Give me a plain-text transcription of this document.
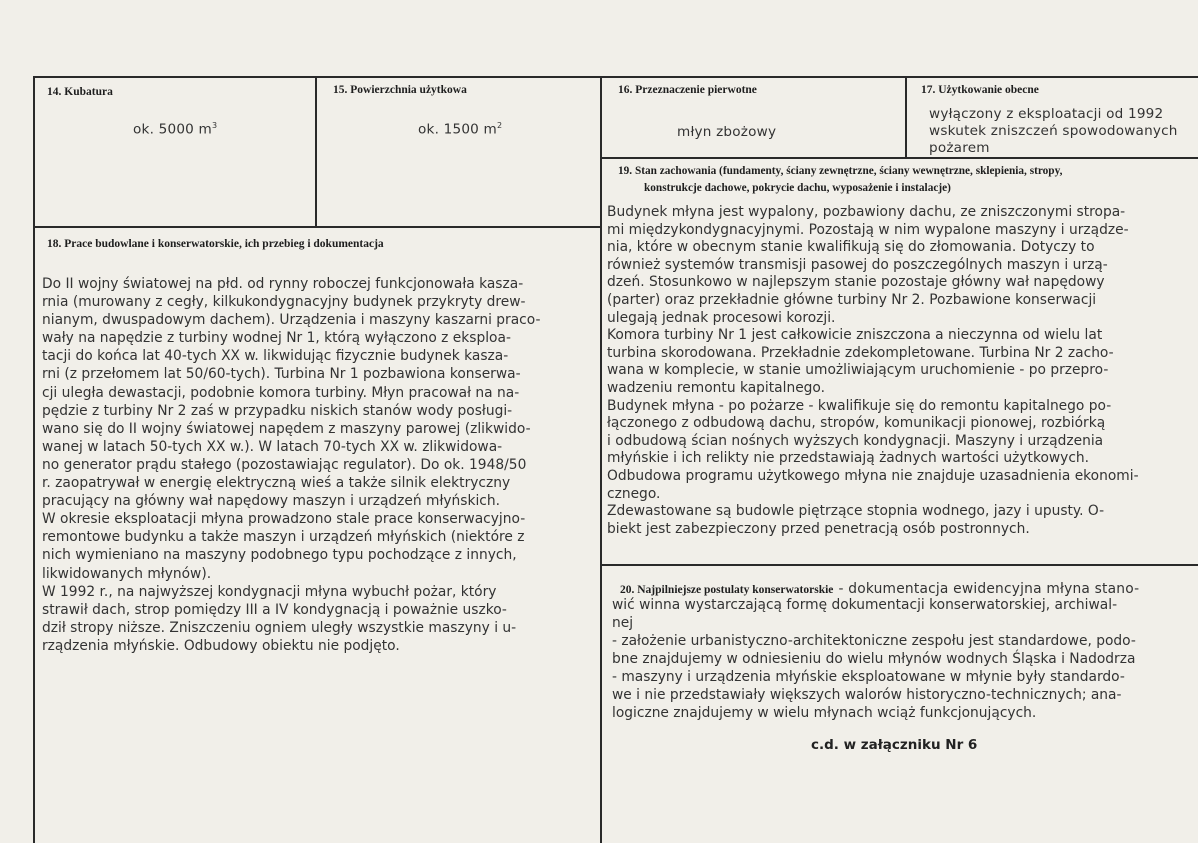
14. Kubatura
ok. 5000 $m^3$
15. Powierzchnia użytkowa
ok. 1500 $m^2$
16. Przeznaczenie pierwotne
młyn zbożowy
17. Użytkowanie obecne
wyłączony z eksploatacji od 1992
wskutek zniszczeń spowodowanych
pożarem
19. Stan zachowania (fundamenty, ściany zewnętrzne, ściany wewnętrzne, sklepienia, stropy,
konstrukcje dachowe, pokrycie dachu, wyposażenie i instalacje)
Budynek młyna jest wypalony, pozbawiony dachu, ze zniszczonymi stropa-
mi międzykondygnacyjnymi. Pozostają w nim wypalone maszyny i urządze-
nia, które w obecnym stanie kwalifikują się do złomowania. Dotyczy to
również systemów transmisji pasowej do poszczególnych maszyn i urzą-
dzeń. Stosunkowo w najlepszym stanie pozostaje główny wał napędowy
(parter) oraz przekładnie główne turbiny Nr 2. Pozbawione konserwacji
ulegają jednak procesowi korozji.
Komora turbiny Nr 1 jest całkowicie zniszczona a nieczynna od wielu lat
turbina skorodowana. Przekładnie zdekompletowane. Turbina Nr 2 zacho-
wana w komplecie, w stanie umożliwiającym uruchomienie - po przepro-
wadzeniu remontu kapitalnego.
Budynek młyna - po pożarze - kwalifikuje się do remontu kapitalnego po-
łączonego z odbudową dachu, stropów, komunikacji pionowej, rozbiórką
i odbudową ścian nośnych wyższych kondygnacji. Maszyny i urządzenia
młyńskie i ich relikty nie przedstawiają żadnych wartości użytkowych.
Odbudowa programu użytkowego młyna nie znajduje uzasadnienia ekonomi-
cznego.
Zdewastowane są budowle piętrzące stopnia wodnego, jazy i upusty. O-
biekt jest zabezpieczony przed penetracją osób postronnych.
18. Prace budowlane i konserwatorskie, ich przebieg i dokumentacja
Do II wojny światowej na płd. od rynny roboczej funkcjonowała kaszа-
rnia (murowany z cegły, kilkukondygnacyjny budynek przykryty drew-
nianym, dwuspadowym dachem). Urządzenia i maszyny kaszarni praco-
wały na napędzie z turbiny wodnej Nr 1, którą wyłączono z eksploa-
tacji do końca lat 40-tych XX w. likwidując fizycznie budynek kasza-
rni (z przełomem lat 50/60-tych). Turbina Nr 1 pozbawiona konserwa-
cji uległa dewastacji, podobnie komora turbiny. Młyn pracował na na-
pędzie z turbiny Nr 2 zaś w przypadku niskich stanów wody posługi-
wano się do II wojny światowej napędem z maszyny parowej (zlikwido-
wanej w latach 50-tych XX w.). W latach 70-tych XX w. zlikwidowa-
no generator prądu stałego (pozostawiając regulator). Do ok. 1948/50
r. zaopatrywał w energię elektryczną wieś a także silnik elektryczny
pracujący na główny wał napędowy maszyn i urządzeń młyńskich.
W okresie eksploatacji młyna prowadzono stale prace konserwacyjno-
remontowe budynku a także maszyn i urządzeń młyńskich (niektóre z
nich wymieniano na maszyny podobnego typu pochodzące z innych,
likwidowanych młynów).
W 1992 r., na najwyższej kondygnacji młyna wybuchł pożar, który
strawił dach, strop pomiędzy III a IV kondygnacją i poważnie uszko-
dził stropy niższe. Zniszczeniu ogniem uległy wszystkie maszyny i u-
rządzenia młyńskie. Odbudowy obiektu nie podjęto.
20. Najpilniejsze postulaty konserwatorskie - dokumentacja ewidencyjna młyna stano-
wić winna wystarczającą formę dokumentacji konserwatorskiej, archiwal-
nej
- założenie urbanistyczno-architektoniczne zespołu jest standardowe, podo-
bne znajdujemy w odniesieniu do wielu młynów wodnych Śląska i Nadodrza
- maszyny i urządzenia młyńskie eksploatowane w młynie były standardo-
we i nie przedstawiały większych walorów historyczno-technicznych; ana-
logiczne znajdujemy w wielu młynach wciąż funkcjonujących.
c.d. w załączniku Nr 6
